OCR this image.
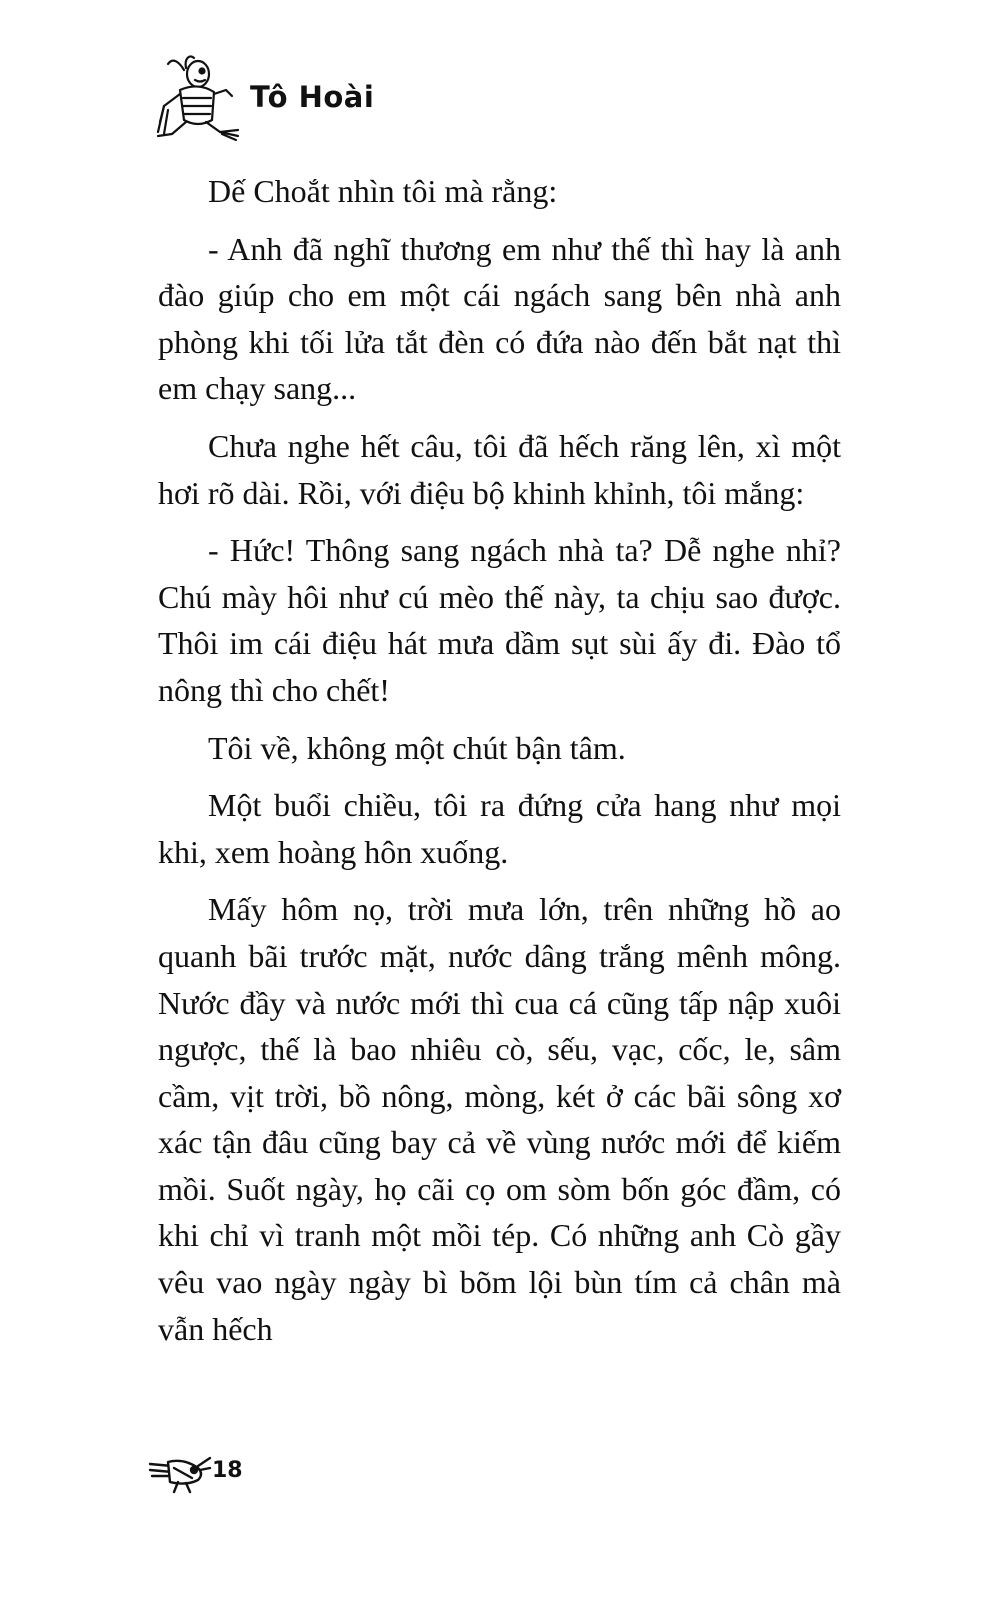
Tô Hoài

Dế Choắt nhìn tôi mà rằng:

- Anh đã nghĩ thương em như thế thì hay là anh đào giúp cho em một cái ngách sang bên nhà anh phòng khi tối lửa tắt đèn có đứa nào đến bắt nạt thì em chạy sang...

Chưa nghe hết câu, tôi đã hếch răng lên, xì một hơi rõ dài. Rồi, với điệu bộ khinh khỉnh, tôi mắng:

- Hức! Thông sang ngách nhà ta? Dễ nghe nhỉ? Chú mày hôi như cú mèo thế này, ta chịu sao được. Thôi im cái điệu hát mưa dầm sụt sùi ấy đi. Đào tổ nông thì cho chết!

Tôi về, không một chút bận tâm.

Một buổi chiều, tôi ra đứng cửa hang như mọi khi, xem hoàng hôn xuống.

Mấy hôm nọ, trời mưa lớn, trên những hồ ao quanh bãi trước mặt, nước dâng trắng mênh mông. Nước đầy và nước mới thì cua cá cũng tấp nập xuôi ngược, thế là bao nhiêu cò, sếu, vạc, cốc, le, sâm cầm, vịt trời, bồ nông, mòng, két ở các bãi sông xơ xác tận đâu cũng bay cả về vùng nước mới để kiếm mồi. Suốt ngày, họ cãi cọ om sòm bốn góc đầm, có khi chỉ vì tranh một mồi tép. Có những anh Cò gầy vêu vao ngày ngày bì bõm lội bùn tím cả chân mà vẫn hếch

18
